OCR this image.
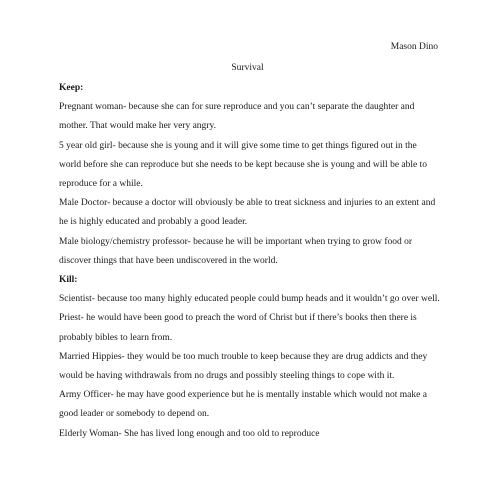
Mason Dino
Survival

Keep:

Pregnant woman- because she can for sure reproduce and you can’t separate the daughter and mother. That would make her very angry.

5 year old girl- because she is young and it will give some time to get things figured out in the world before she can reproduce but she needs to be kept because she is young and will be able to reproduce for a while.

Male Doctor- because a doctor will obviously be able to treat sickness and injuries to an extent and he is highly educated and probably a good leader.

Male biology/chemistry professor- because he will be important when trying to grow food or discover things that have been undiscovered in the world.

Kill:

Scientist- because too many highly educated people could bump heads and it wouldn’t go over well.

Priest- he would have been good to preach the word of Christ but if there’s books then there is probably bibles to learn from.

Married Hippies- they would be too much trouble to keep because they are drug addicts and they would be having withdrawals from no drugs and possibly steeling things to cope with it.

Army Officer- he may have good experience but he is mentally instable which would not make a good leader or somebody to depend on.

Elderly Woman- She has lived long enough and too old to reproduce
